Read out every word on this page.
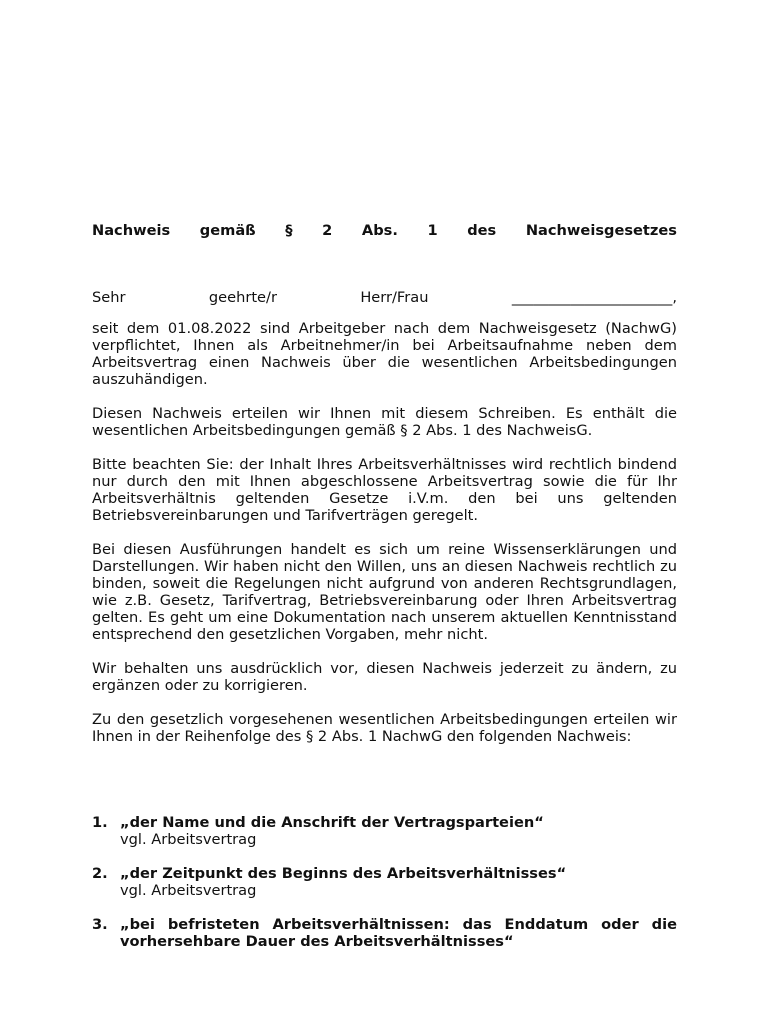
Nachweis gemäß § 2 Abs. 1 des Nachweisgesetzes
Sehr geehrte/r Herr/Frau ______________________,

seit dem 01.08.2022 sind Arbeitgeber nach dem Nachweisgesetz (NachwG) verpflichtet, Ihnen als Arbeitnehmer/in bei Arbeitsaufnahme neben dem Arbeitsvertrag einen Nachweis über die wesentlichen Arbeitsbedingungen auszuhändigen.

Diesen Nachweis erteilen wir Ihnen mit diesem Schreiben. Es enthält die wesentlichen Arbeitsbedingungen gemäß § 2 Abs. 1 des NachweisG.

Bitte beachten Sie: der Inhalt Ihres Arbeitsverhältnisses wird rechtlich bindend nur durch den mit Ihnen abgeschlossene Arbeitsvertrag sowie die für Ihr Arbeitsverhältnis geltenden Gesetze i.V.m. den bei uns geltenden Betriebsvereinbarungen und Tarifverträgen geregelt.

Bei diesen Ausführungen handelt es sich um reine Wissenserklärungen und Darstellungen. Wir haben nicht den Willen, uns an diesen Nachweis rechtlich zu binden, soweit die Regelungen nicht aufgrund von anderen Rechtsgrundlagen, wie z.B. Gesetz, Tarifvertrag, Betriebsvereinbarung oder Ihren Arbeitsvertrag gelten. Es geht um eine Dokumentation nach unserem aktuellen Kenntnisstand entsprechend den gesetzlichen Vorgaben, mehr nicht.

Wir behalten uns ausdrücklich vor, diesen Nachweis jederzeit zu ändern, zu ergänzen oder zu korrigieren.

Zu den gesetzlich vorgesehenen wesentlichen Arbeitsbedingungen erteilen wir Ihnen in der Reihenfolge des § 2 Abs. 1 NachwG den folgenden Nachweis:

1. „der Name und die Anschrift der Vertragsparteien“
vgl. Arbeitsvertrag
2. „der Zeitpunkt des Beginns des Arbeitsverhältnisses“
vgl. Arbeitsvertrag
3. „bei befristeten Arbeitsverhältnissen: das Enddatum oder die vorhersehbare Dauer des Arbeitsverhältnisses“
